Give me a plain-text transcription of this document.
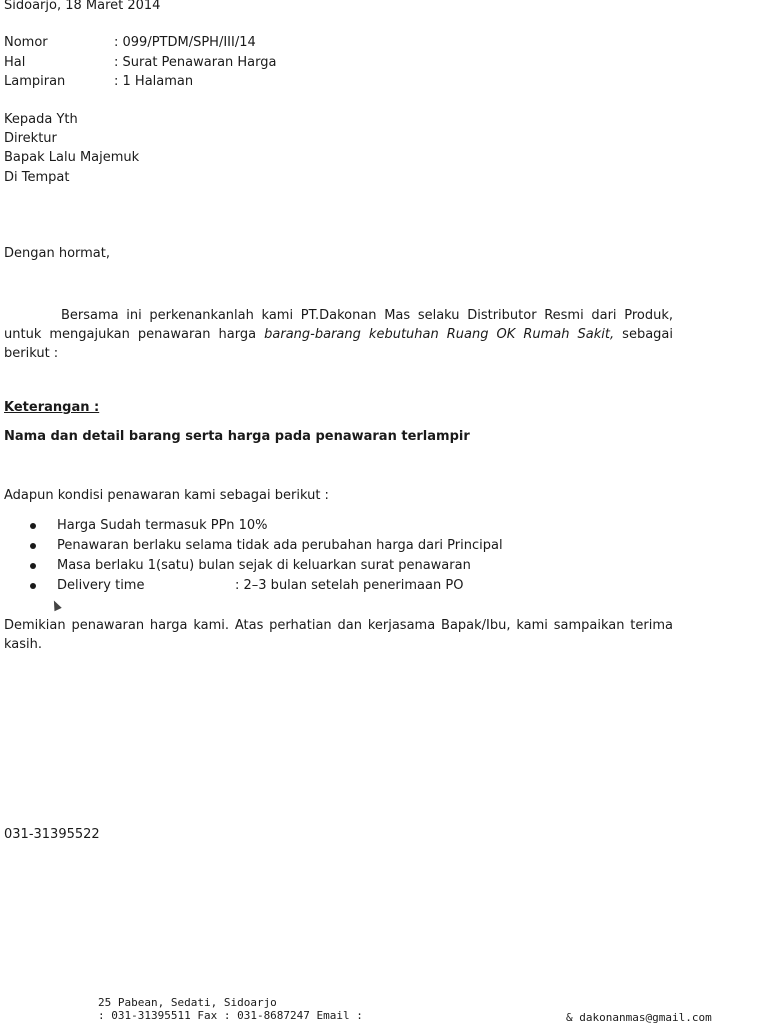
Sidoarjo, 18 Maret 2014
Nomor	: 099/PTDM/SPH/III/14
Hal	: Surat Penawaran Harga
Lampiran	: 1 Halaman
Kepada Yth
Direktur
Bapak Lalu Majemuk
Di Tempat
Dengan hormat,
Bersama ini perkenankanlah kami PT.Dakonan Mas selaku Distributor Resmi dari Produk, untuk mengajukan penawaran harga barang-barang kebutuhan Ruang OK Rumah Sakit, sebagai berikut :
Keterangan :
Nama dan detail barang serta harga pada penawaran terlampir
Adapun kondisi penawaran kami sebagai berikut :
Harga Sudah termasuk PPn 10%
Penawaran berlaku selama tidak ada perubahan harga dari Principal
Masa berlaku 1(satu) bulan sejak di keluarkan surat penawaran
Delivery time	: 2–3 bulan setelah penerimaan PO
Demikian penawaran harga kami. Atas perhatian dan kerjasama Bapak/Ibu, kami sampaikan terima kasih.
031-31395522
25 Pabean, Sedati, Sidoarjo
: 031-31395511 Fax : 031-8687247 Email :	& dakonanmas@gmail.com
